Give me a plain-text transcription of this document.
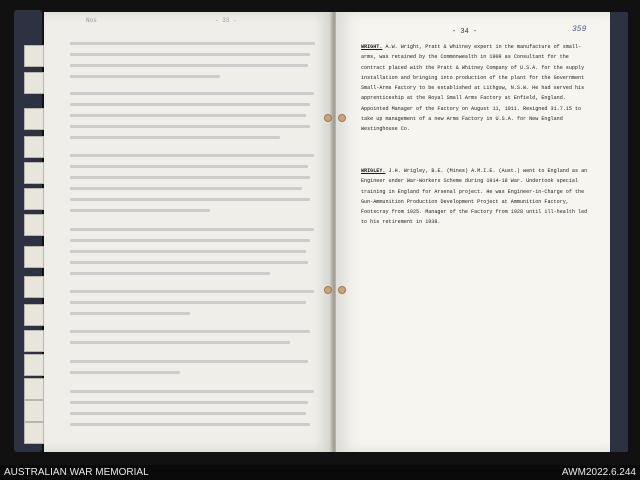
Nos	- 33 -
- 34 -	359
WRIGHT. A.W. Wright, Pratt & Whitney expert in the manufacture of small-arms, was retained by the Commonwealth in 1909 as Consultant for the contract placed with the Pratt & Whitney Company of U.S.A. for the supply installation and bringing into production of the plant for the Government Small-Arms Factory to be established at Lithgow, N.S.W. He had served his apprenticeship at the Royal Small Arms Factory at Enfield, England. Appointed Manager of the Factory on August 11, 1911. Resigned 31.7.15 to take up management of a new Arms Factory in U.S.A. for New England Westinghouse Co.
WRIGLEY. J.H. Wrigley, B.E. (Mines) A.M.I.E. (Aust.) went to England as an Engineer under War-Workers Scheme during 1914-18 War. Undertook special training in England for Arsenal project. He was Engineer-in-Charge of the Gun-Ammunition Production Development Project at Ammunition Factory, Footscray from 1925. Manager of the Factory from 1928 until ill-health led to his retirement in 1938.
AUSTRALIAN WAR MEMORIAL	AWM2022.6.244
